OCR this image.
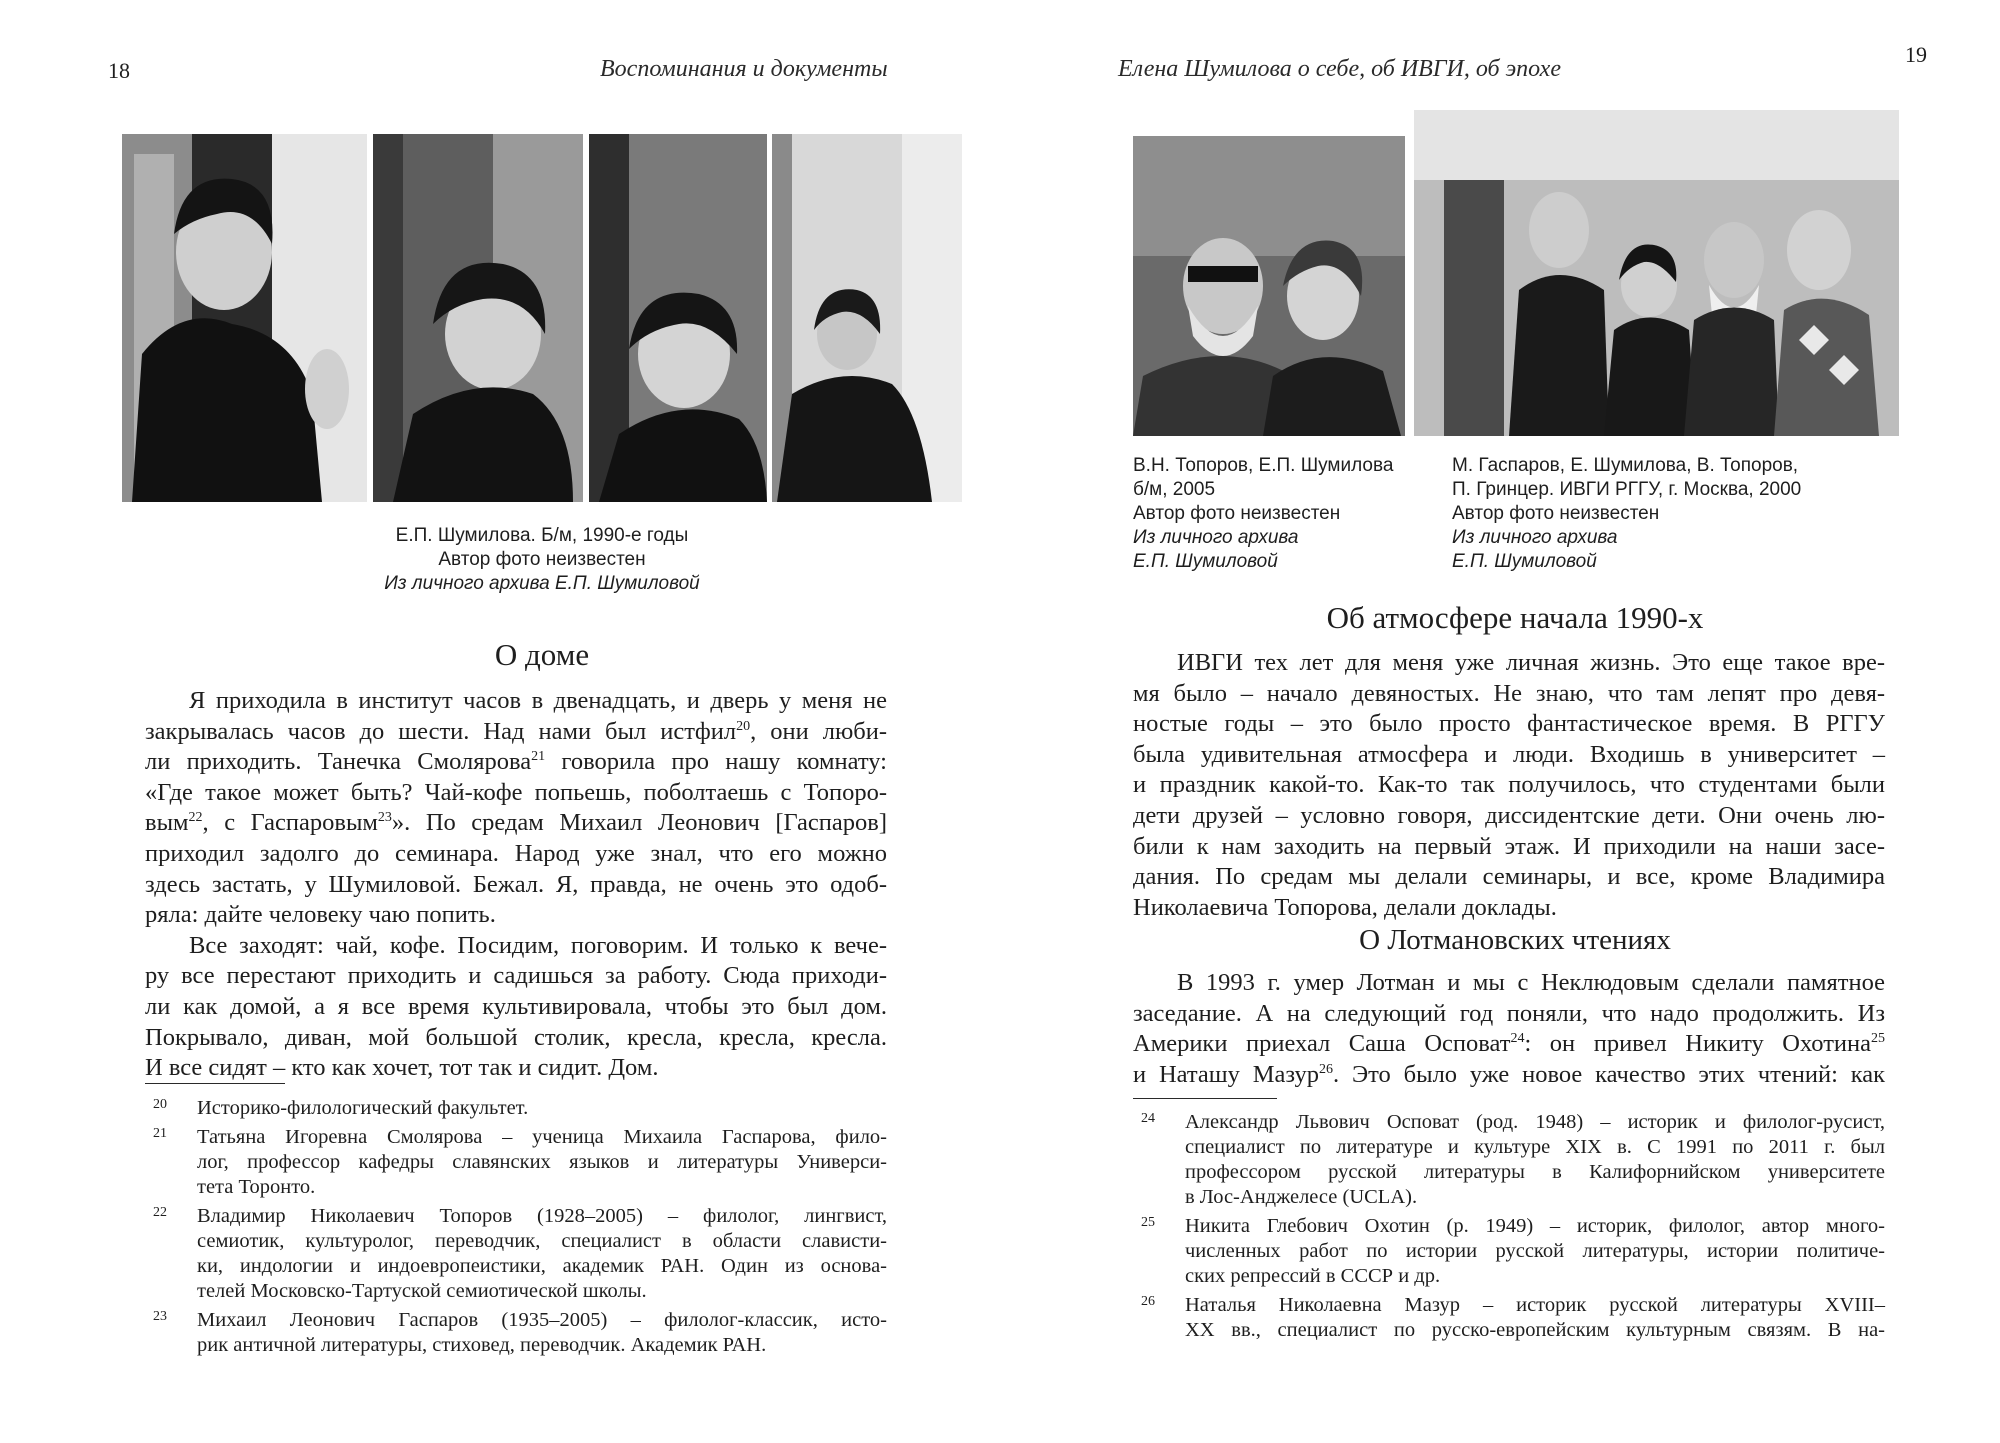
18	Воспоминания и документы
Е.П. Шумилова. Б/м, 1990-е годы
Автор фото неизвестен
Из личного архива Е.П. Шумиловой
О доме
Я приходила в институт часов в двенадцать, и дверь у меня не
закрывалась часов до шести. Над нами был истфил$^{20}$, они люби-
ли приходить. Танечка Смолярова$^{21}$ говорила про нашу комнату:
«Где такое может быть? Чай-кофе попьешь, поболтаешь с Топоро-
вым$^{22}$, с Гаспаровым$^{23}$». По средам Михаил Леонович [Гаспаров]
приходил задолго до семинара. Народ уже знал, что его можно
здесь застать, у Шумиловой. Бежал. Я, правда, не очень это одоб-
ряла: дайте человеку чаю попить.
Все заходят: чай, кофе. Посидим, поговорим. И только к вече-
ру все перестают приходить и садишься за работу. Сюда приходи-
ли как домой, а я все время культивировала, чтобы это был дом.
Покрывало, диван, мой большой столик, кресла, кресла, кресла.
И все сидят – кто как хочет, тот так и сидит. Дом.
20 Историко-филологический факультет.
21 Татьяна Игоревна Смолярова – ученица Михаила Гаспарова, фило-
лог, профессор кафедры славянских языков и литературы Универси-
тета Торонто.
22 Владимир Николаевич Топоров (1928–2005) – филолог, лингвист,
семиотик, культуролог, переводчик, специалист в области слависти-
ки, индологии и индоевропеистики, академик РАН. Один из основа-
телей Московско-Тартуской семиотической школы.
23 Михаил Леонович Гаспаров (1935–2005) – филолог-классик, исто-
рик античной литературы, стиховед, переводчик. Академик РАН.
Елена Шумилова о себе, об ИВГИ, об эпохе
19
В.Н. Топоров, Е.П. Шумилова
б/м, 2005
Автор фото неизвестен
Из личного архива
Е.П. Шумиловой
М. Гаспаров, Е. Шумилова, В. Топоров,
П. Гринцер. ИВГИ РГГУ, г. Москва, 2000
Автор фото неизвестен
Из личного архива
Е.П. Шумиловой
Об атмосфере начала 1990-х
ИВГИ тех лет для меня уже личная жизнь. Это еще такое вре-
мя было – начало девяностых. Не знаю, что там лепят про девя-
ностые годы – это было просто фантастическое время. В РГГУ
была удивительная атмосфера и люди. Входишь в университет –
и праздник какой-то. Как-то так получилось, что студентами были
дети друзей – условно говоря, диссидентские дети. Они очень лю-
били к нам заходить на первый этаж. И приходили на наши засе-
дания. По средам мы делали семинары, и все, кроме Владимира
Николаевича Топорова, делали доклады.
О Лотмановских чтениях
В 1993 г. умер Лотман и мы с Неклюдовым сделали памятное
заседание. А на следующий год поняли, что надо продолжить. Из
Америки приехал Саша Осповат$^{24}$: он привел Никиту Охотина$^{25}$
и Наташу Мазур$^{26}$. Это было уже новое качество этих чтений: как
24 Александр Львович Осповат (род. 1948) – историк и филолог-русист,
специалист по литературе и культуре XIX в. С 1991 по 2011 г. был
профессором русской литературы в Калифорнийском университете
в Лос-Анджелесе (UCLA).
25 Никита Глебович Охотин (р. 1949) – историк, филолог, автор много-
численных работ по истории русской литературы, истории политиче-
ских репрессий в СССР и др.
26 Наталья Николаевна Мазур – историк русской литературы XVIII–
XX вв., специалист по русско-европейским культурным связям. В на-
